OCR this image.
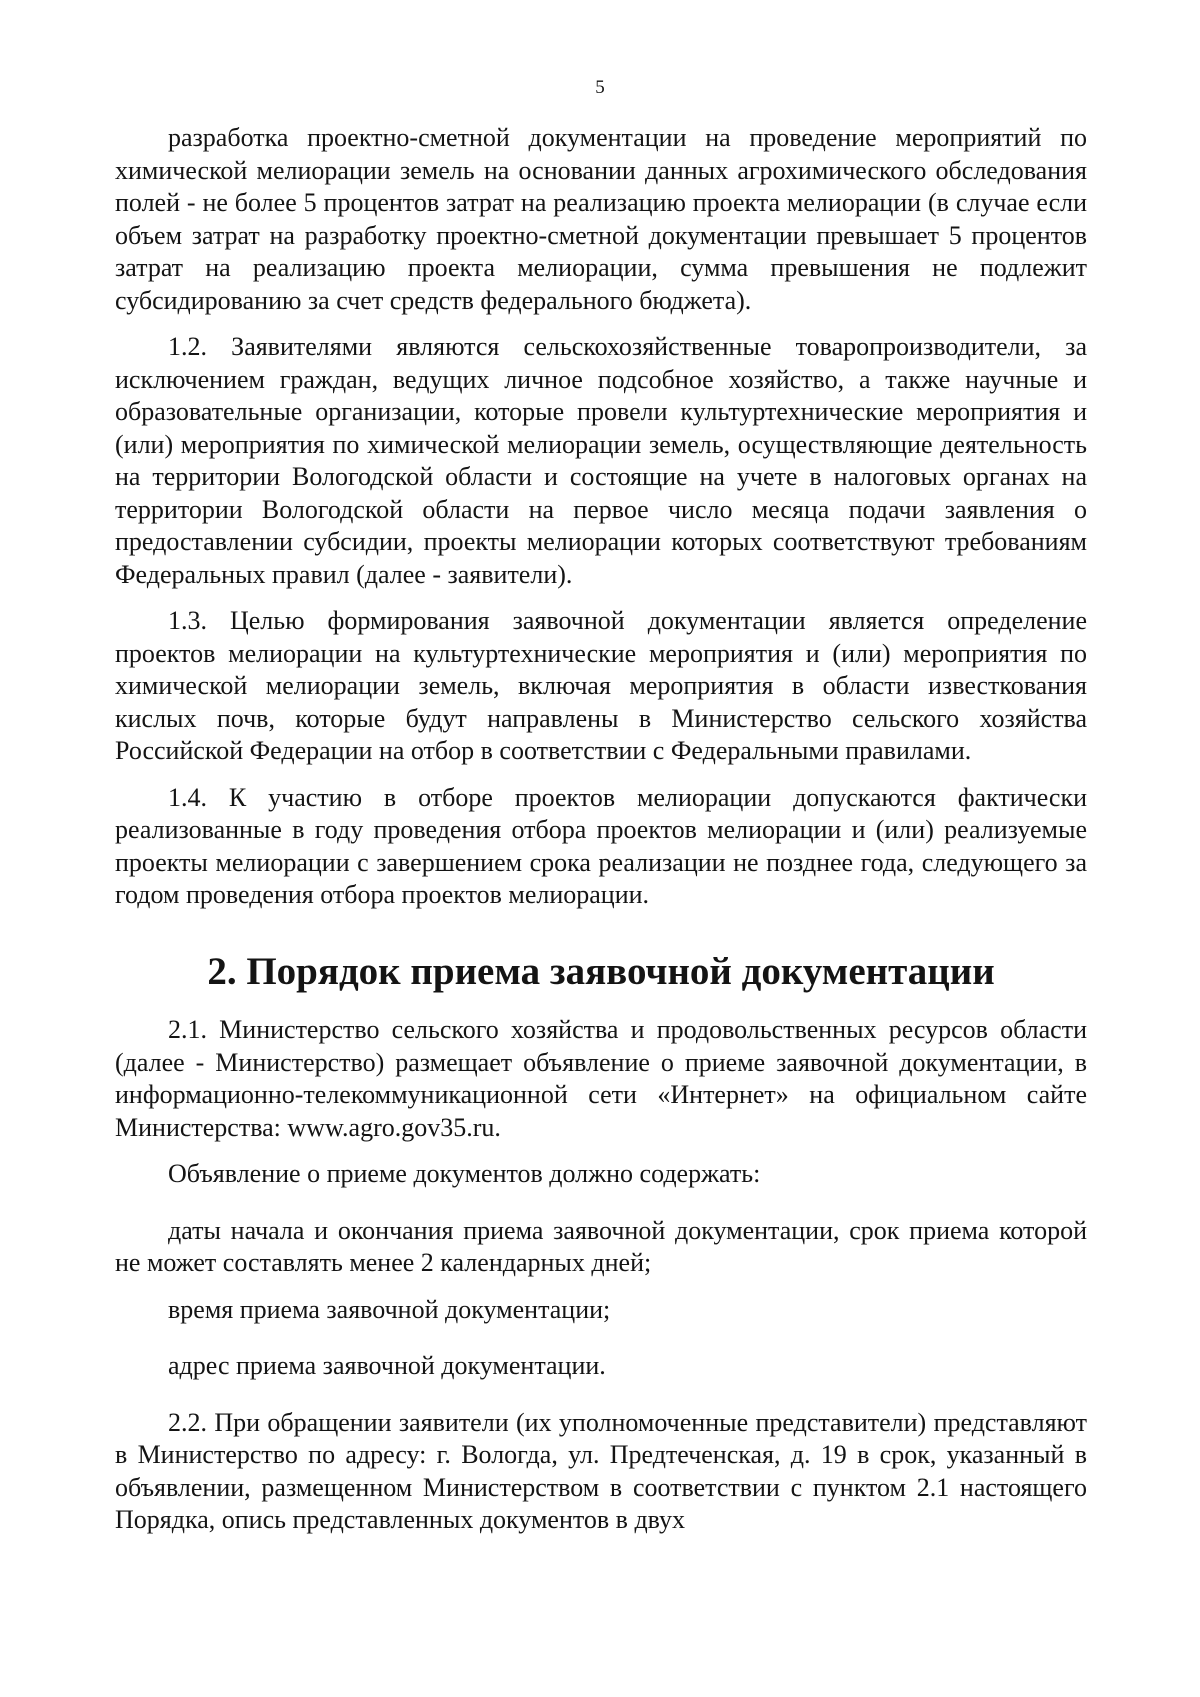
5

разработка проектно-сметной документации на проведение мероприятий по химической мелиорации земель на основании данных агрохимического обследования полей - не более 5 процентов затрат на реализацию проекта мелиорации (в случае если объем затрат на разработку проектно-сметной документации превышает 5 процентов затрат на реализацию проекта мелиорации, сумма превышения не подлежит субсидированию за счет средств федерального бюджета).

1.2. Заявителями являются сельскохозяйственные товаропроизводители, за исключением граждан, ведущих личное подсобное хозяйство, а также научные и образовательные организации, которые провели культуртехнические мероприятия и (или) мероприятия по химической мелиорации земель, осуществляющие деятельность на территории Вологодской области и состоящие на учете в налоговых органах на территории Вологодской области на первое число месяца подачи заявления о предоставлении субсидии, проекты мелиорации которых соответствуют требованиям Федеральных правил (далее - заявители).

1.3. Целью формирования заявочной документации является определение проектов мелиорации на культуртехнические мероприятия и (или) мероприятия по химической мелиорации земель, включая мероприятия в области известкования кислых почв, которые будут направлены в Министерство сельского хозяйства Российской Федерации на отбор в соответствии с Федеральными правилами.

1.4. К участию в отборе проектов мелиорации допускаются фактически реализованные в году проведения отбора проектов мелиорации и (или) реализуемые проекты мелиорации с завершением срока реализации не позднее года, следующего за годом проведения отбора проектов мелиорации.

2. Порядок приема заявочной документации

2.1. Министерство сельского хозяйства и продовольственных ресурсов области (далее - Министерство) размещает объявление о приеме заявочной документации, в информационно-телекоммуникационной сети «Интернет» на официальном сайте Министерства: www.agro.gov35.ru.

Объявление о приеме документов должно содержать:

даты начала и окончания приема заявочной документации, срок приема которой не может составлять менее 2 календарных дней;

время приема заявочной документации;

адрес приема заявочной документации.

2.2. При обращении заявители (их уполномоченные представители) представляют в Министерство по адресу: г. Вологда, ул. Предтеченская, д. 19 в срок, указанный в объявлении, размещенном Министерством в соответствии с пунктом 2.1 настоящего Порядка, опись представленных документов в двух
